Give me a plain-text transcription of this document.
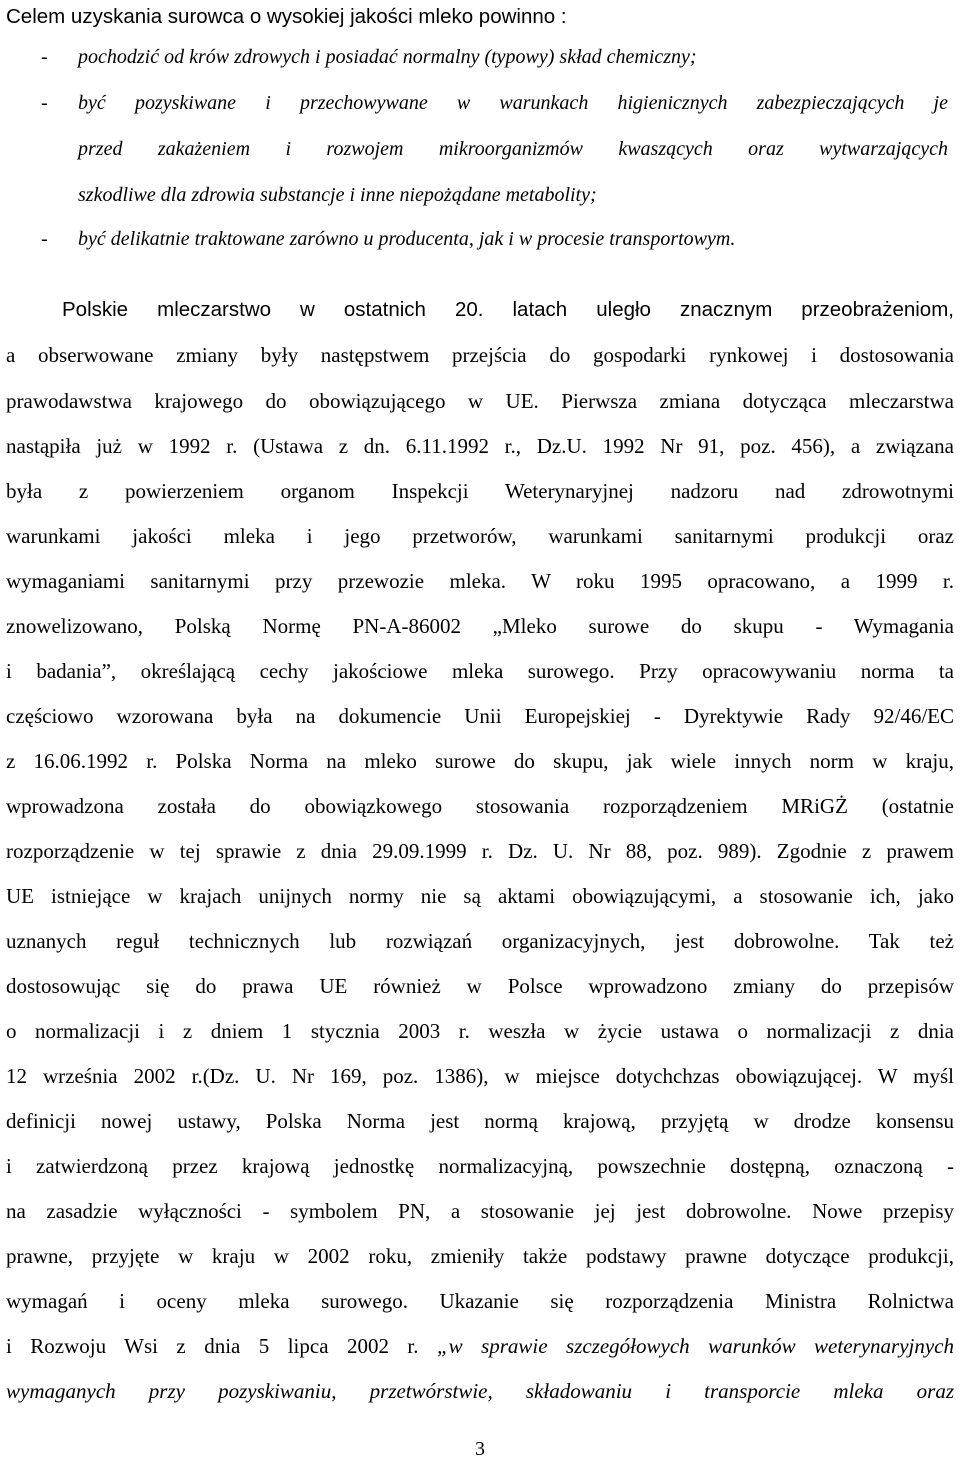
Celem uzyskania surowca o wysokiej jakości mleko powinno :
- pochodzić od krów zdrowych i posiadać normalny (typowy) skład chemiczny;
- być pozyskiwane i przechowywane w warunkach higienicznych zabezpieczających je
przed zakażeniem i rozwojem mikroorganizmów kwaszących oraz wytwarzających
szkodliwe dla zdrowia substancje i inne niepożądane metabolity;
- być delikatnie traktowane zarówno u producenta, jak i w procesie transportowym.
Polskie mleczarstwo w ostatnich 20. latach uległo znacznym przeobrażeniom,
a obserwowane zmiany były następstwem przejścia do gospodarki rynkowej i dostosowania
prawodawstwa krajowego do obowiązującego w UE. Pierwsza zmiana dotycząca mleczarstwa
nastąpiła już w 1992 r. (Ustawa z dn. 6.11.1992 r., Dz.U. 1992 Nr 91, poz. 456), a związana
była z powierzeniem organom Inspekcji Weterynaryjnej nadzoru nad zdrowotnymi
warunkami jakości mleka i jego przetworów, warunkami sanitarnymi produkcji oraz
wymaganiami sanitarnymi przy przewozie mleka. W roku 1995 opracowano, a 1999 r.
znowelizowano, Polską Normę PN-A-86002 „Mleko surowe do skupu - Wymagania
i badania”, określającą cechy jakościowe mleka surowego. Przy opracowywaniu norma ta
częściowo wzorowana była na dokumencie Unii Europejskiej - Dyrektywie Rady 92/46/EC
z 16.06.1992 r. Polska Norma na mleko surowe do skupu, jak wiele innych norm w kraju,
wprowadzona została do obowiązkowego stosowania rozporządzeniem MRiGŻ (ostatnie
rozporządzenie w tej sprawie z dnia 29.09.1999 r. Dz. U. Nr 88, poz. 989). Zgodnie z prawem
UE istniejące w krajach unijnych normy nie są aktami obowiązującymi, a stosowanie ich, jako
uznanych reguł technicznych lub rozwiązań organizacyjnych, jest dobrowolne. Tak też
dostosowując się do prawa UE również w Polsce wprowadzono zmiany do przepisów
o normalizacji i z dniem 1 stycznia 2003 r. weszła w życie ustawa o normalizacji z dnia
12 września 2002 r.(Dz. U. Nr 169, poz. 1386), w miejsce dotychchzas obowiązującej. W myśl
definicji nowej ustawy, Polska Norma jest normą krajową, przyjętą w drodze konsensu
i zatwierdzoną przez krajową jednostkę normalizacyjną, powszechnie dostępną, oznaczoną -
na zasadzie wyłączności - symbolem PN, a stosowanie jej jest dobrowolne. Nowe przepisy
prawne, przyjęte w kraju w 2002 roku, zmieniły także podstawy prawne dotyczące produkcji,
wymagań i oceny mleka surowego. Ukazanie się rozporządzenia Ministra Rolnictwa
i Rozwoju Wsi z dnia 5 lipca 2002 r. „w sprawie szczegółowych warunków weterynaryjnych
wymaganych przy pozyskiwaniu, przetwórstwie, składowaniu i transporcie mleka oraz
3
